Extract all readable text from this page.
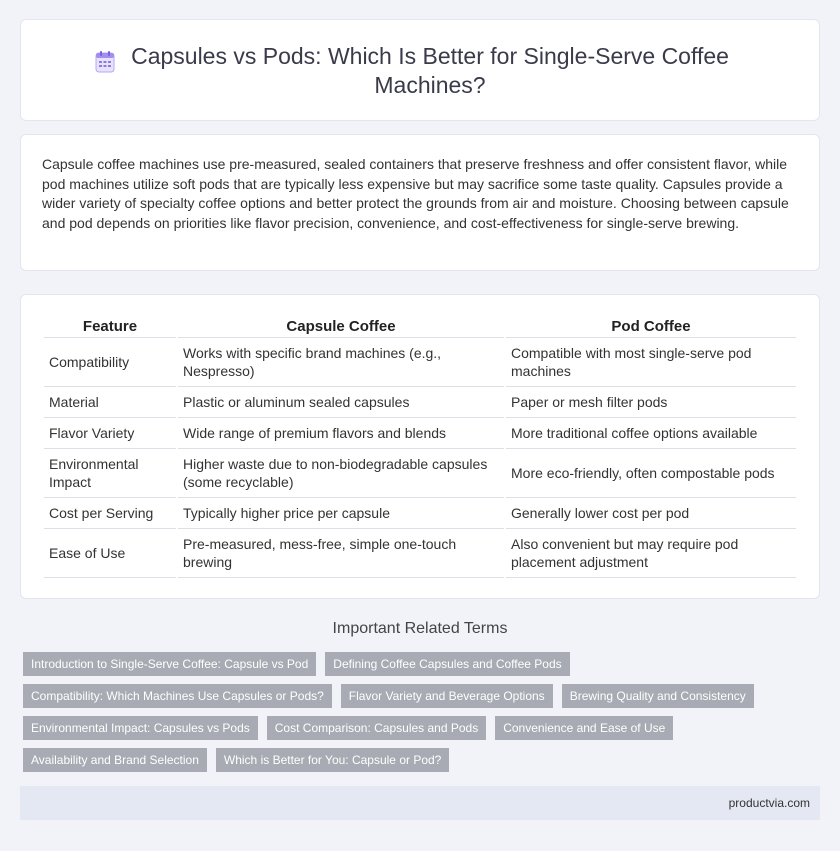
Capsules vs Pods: Which Is Better for Single-Serve Coffee Machines?

Capsule coffee machines use pre-measured, sealed containers that preserve freshness and offer consistent flavor, while pod machines utilize soft pods that are typically less expensive but may sacrifice some taste quality. Capsules provide a wider variety of specialty coffee options and better protect the grounds from air and moisture. Choosing between capsule and pod depends on priorities like flavor precision, convenience, and cost-effectiveness for single-serve brewing.

Feature	Capsule Coffee	Pod Coffee
Compatibility	Works with specific brand machines (e.g., Nespresso)	Compatible with most single-serve pod machines
Material	Plastic or aluminum sealed capsules	Paper or mesh filter pods
Flavor Variety	Wide range of premium flavors and blends	More traditional coffee options available
Environmental Impact	Higher waste due to non-biodegradable capsules (some recyclable)	More eco-friendly, often compostable pods
Cost per Serving	Typically higher price per capsule	Generally lower cost per pod
Ease of Use	Pre-measured, mess-free, simple one-touch brewing	Also convenient but may require pod placement adjustment
Important Related Terms
Introduction to Single-Serve Coffee: Capsule vs Pod	Defining Coffee Capsules and Coffee Pods
Compatibility: Which Machines Use Capsules or Pods?	Flavor Variety and Beverage Options	Brewing Quality and Consistency
Environmental Impact: Capsules vs Pods	Cost Comparison: Capsules and Pods	Convenience and Ease of Use
Availability and Brand Selection	Which is Better for You: Capsule or Pod?
productvia.com
